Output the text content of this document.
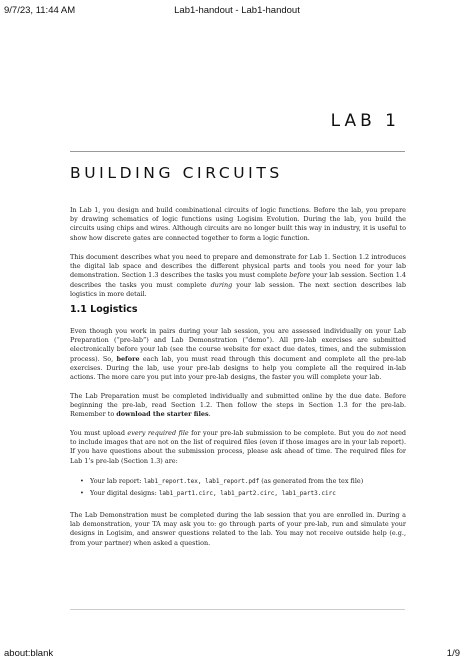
Lab1-handout - Lab1-handout
9/7/23, 11:44 AM
LAB 1
BUILDING CIRCUITS
In Lab 1, you design and build combinational circuits of logic functions. Before the lab, you prepare by drawing schematics of logic functions using Logisim Evolution. During the lab, you build the circuits using chips and wires. Although circuits are no longer built this way in industry, it is useful to show how discrete gates are connected together to form a logic function.
This document describes what you need to prepare and demonstrate for Lab 1. Section 1.2 introduces the digital lab space and describes the different physical parts and tools you need for your lab demonstration. Section 1.3 describes the tasks you must complete before your lab session. Section 1.4 describes the tasks you must complete during your lab session. The next section describes lab logistics in more detail.
1.1 Logistics
Even though you work in pairs during your lab session, you are assessed individually on your Lab Preparation (“pre-lab”) and Lab Demonstration (“demo”). All pre-lab exercises are submitted electronically before your lab (see the course website for exact due dates, times, and the submission process). So, before each lab, you must read through this document and complete all the pre-lab exercises. During the lab, use your pre-lab designs to help you complete all the required in-lab actions. The more care you put into your pre-lab designs, the faster you will complete your lab.
The Lab Preparation must be completed individually and submitted online by the due date. Before beginning the pre-lab, read Section 1.2. Then follow the steps in Section 1.3 for the pre-lab. Remember to download the starter files.
You must upload every required file for your pre-lab submission to be complete. But you do not need to include images that are not on the list of required files (even if those images are in your lab report). If you have questions about the submission process, please ask ahead of time. The required files for Lab 1’s pre-lab (Section 1.3) are:
• Your lab report: lab1_report.tex, lab1_report.pdf (as generated from the tex file)
• Your digital designs: lab1_part1.circ, lab1_part2.circ, lab1_part3.circ
The Lab Demonstration must be completed during the lab session that you are enrolled in. During a lab demonstration, your TA may ask you to: go through parts of your pre-lab, run and simulate your designs in Logisim, and answer questions related to the lab. You may not receive outside help (e.g., from your partner) when asked a question.
about:blank	1/9
